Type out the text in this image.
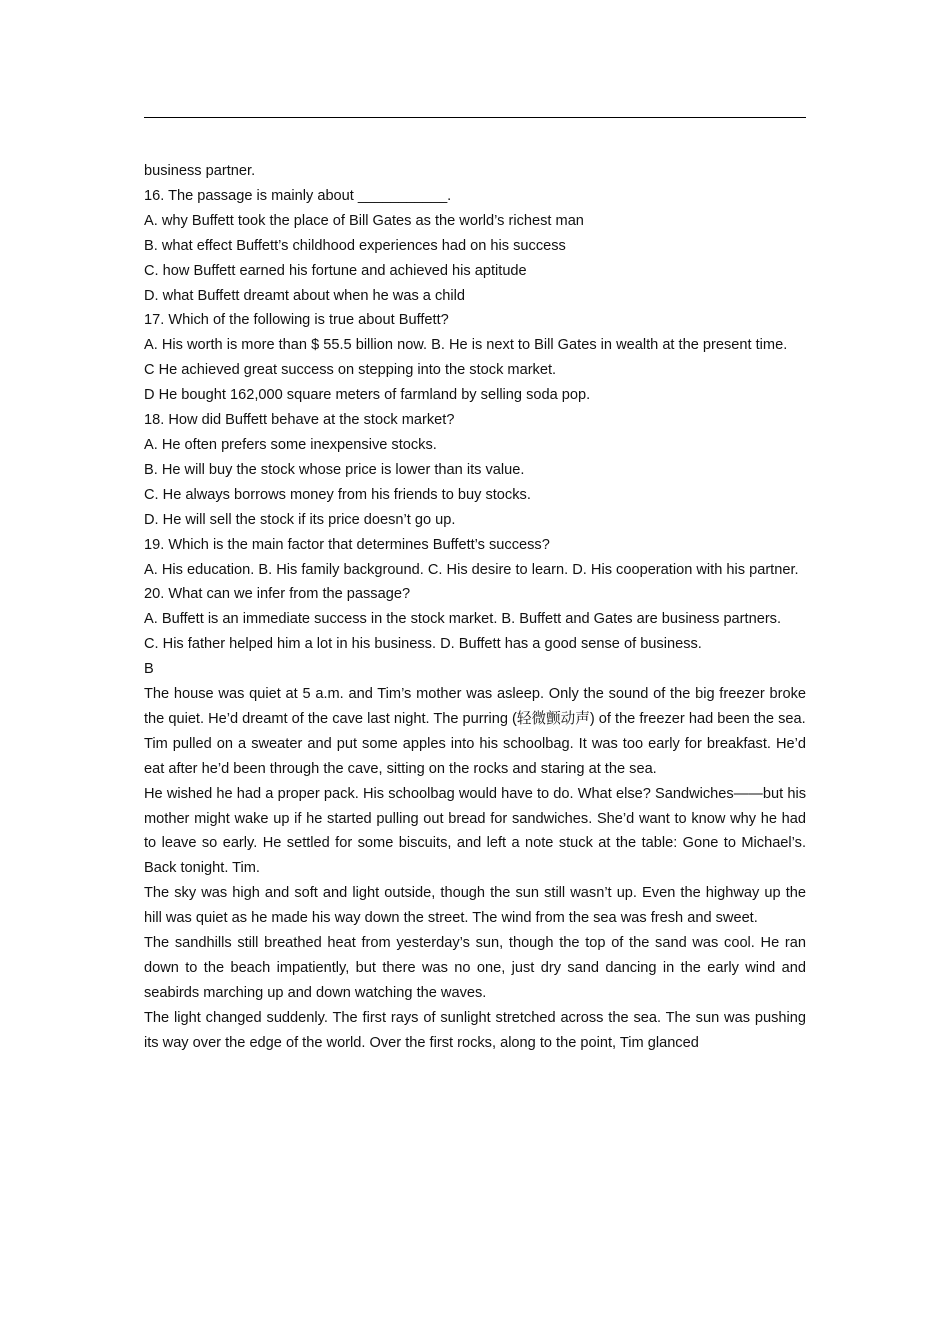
business partner.

16. The passage is mainly about ___________.

A. why Buffett took the place of Bill Gates as the world’s richest man

B. what effect Buffett’s childhood experiences had on his success

C. how Buffett earned his fortune and achieved his aptitude

D. what Buffett dreamt about when he was a child

17. Which of the following is true about Buffett?

A. His worth is more than $ 55.5 billion now. B. He is next to Bill Gates in wealth at the present time.

C He achieved great success on stepping into the stock market.

D He bought 162,000 square meters of farmland by selling soda pop.

18. How did Buffett behave at the stock market?

A. He often prefers some inexpensive stocks.

B. He will buy the stock whose price is lower than its value.

C. He always borrows money from his friends to buy stocks.

D. He will sell the stock if its price doesn’t go up.

19. Which is the main factor that determines Buffett’s success?

A. His education. B. His family background. C. His desire to learn. D. His cooperation with his partner.

20. What can we infer from the passage?

A. Buffett is an immediate success in the stock market. B. Buffett and Gates are business partners.

C. His father helped him a lot in his business. D. Buffett has a good sense of business.

B

The house was quiet at 5 a.m. and Tim’s mother was asleep. Only the sound of the big freezer broke the quiet. He’d dreamt of the cave last night. The purring (轻微颤动声) of the freezer had been the sea.

Tim pulled on a sweater and put some apples into his schoolbag. It was too early for breakfast. He’d eat after he’d been through the cave, sitting on the rocks and staring at the sea.

He wished he had a proper pack. His schoolbag would have to do. What else? Sandwiches——but his mother might wake up if he started pulling out bread for sandwiches. She’d want to know why he had to leave so early. He settled for some biscuits, and left a note stuck at the table: Gone to Michael’s. Back tonight. Tim.

The sky was high and soft and light outside, though the sun still wasn’t up. Even the highway up the hill was quiet as he made his way down the street. The wind from the sea was fresh and sweet.

The sandhills still breathed heat from yesterday’s sun, though the top of the sand was cool. He ran down to the beach impatiently, but there was no one, just dry sand dancing in the early wind and seabirds marching up and down watching the waves.

The light changed suddenly. The first rays of sunlight stretched across the sea. The sun was pushing its way over the edge of the world. Over the first rocks, along to the point, Tim glanced
